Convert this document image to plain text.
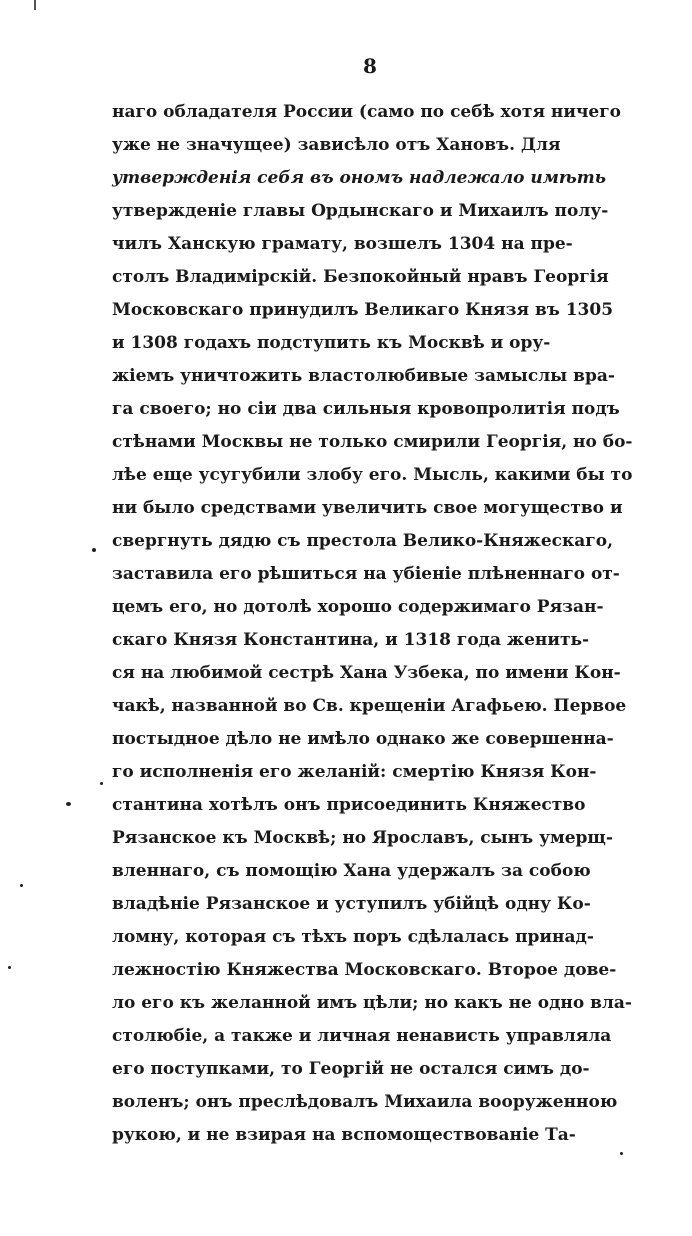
8
наго обладателя России (само по себѣ хотя ничего
уже не значущее) зависѣло отъ Хановъ. Для
утвержденія себя въ ономъ надлежало имѣть
утвержденіе главы Ордынскаго и Михаилъ полу-
чилъ Ханскую грамату, возшелъ 1304 на пре-
столъ Владимірскій. Безпокойный нравъ Георгія
Московскаго принудилъ Великаго Князя въ 1305
и 1308 годахъ подступить къ Москвѣ и ору-
жіемъ уничтожить властолюбивые замыслы вра-
га своего; но сіи два сильныя кровопролитія подъ
стѣнами Москвы не только смирили Георгія, но бо-
лѣе еще усугубили злобу его. Мысль, какими бы то
ни было средствами увеличить свое могущество и
свергнуть дядю съ престола Велико-Княжескаго,
заставила его рѣшиться на убіеніе плѣненнаго от-
цемъ его, но дотолѣ хорошо содержимаго Рязан-
скаго Князя Константина, и 1318 года женить-
ся на любимой сестрѣ Хана Узбека, по имени Кон-
чакѣ, названной во Св. крещеніи Агафьею. Первое
постыдное дѣло не имѣло однако же совершенна-
го исполненія его желаній: смертію Князя Кон-
стантина хотѣлъ онъ присоединить Княжество
Рязанское къ Москвѣ; но Ярославъ, сынъ умерщ-
вленнаго, съ помощію Хана удержалъ за собою
владѣніе Рязанское и уступилъ убійцѣ одну Ко-
ломну, которая съ тѣхъ поръ сдѣлалась принад-
лежностію Княжества Московскаго. Второе дове-
ло его къ желанной имъ цѣли; но какъ не одно вла-
столюбіе, а также и личная ненависть управляла
его поступками, то Георгій не остался симъ до-
воленъ; онъ преслѣдовалъ Михаила вооруженною
рукою, и не взирая на вспомоществованіе Та-
